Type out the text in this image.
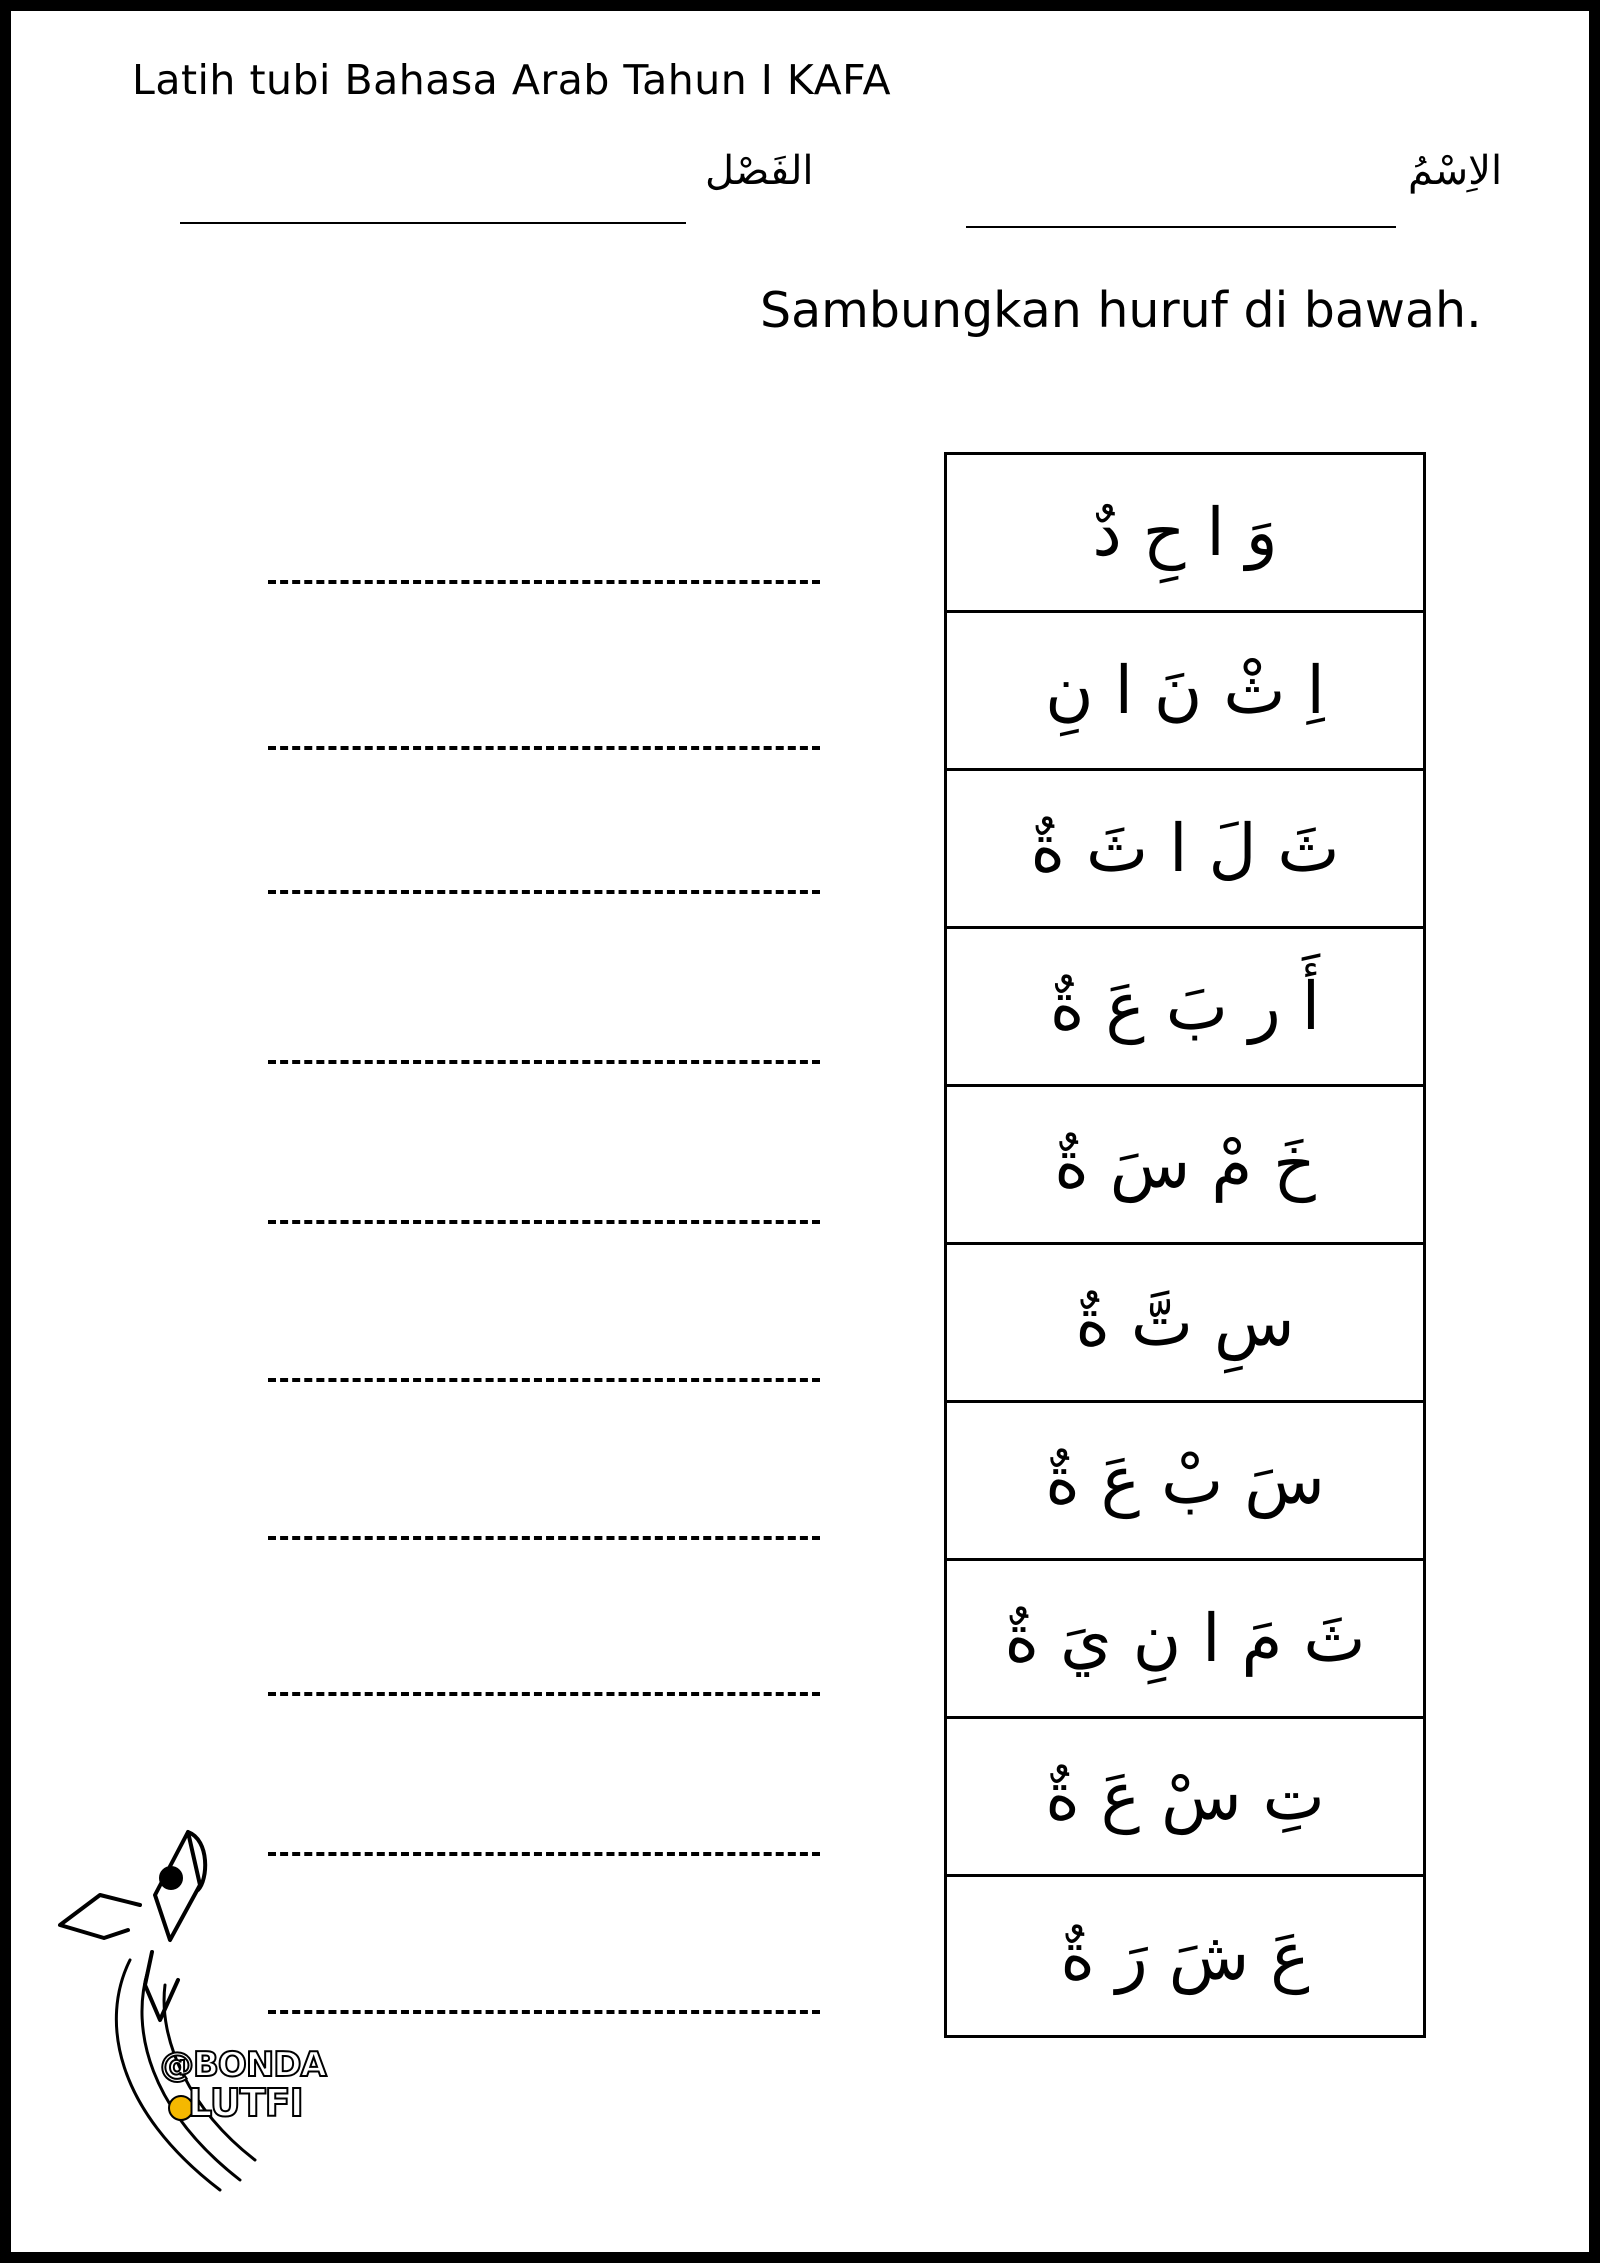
Latih tubi Bahasa Arab Tahun I KAFA
الفَصْل	الاِسْمُ
Sambungkan huruf di bawah.
وَ ا حِ دٌ
اِ ثْ نَ ا نِ
ثَ لَ ا ثَ ةٌ
أَ ر بَ عَ ةٌ
خَ مْ سَ ةٌ
سِ تَّ ةٌ
سَ بْ عَ ةٌ
ثَ مَ ا نِ يَ ةٌ
تِ سْ عَ ةٌ
عَ شَ رَ ةٌ
@BONDA
LUTFI
